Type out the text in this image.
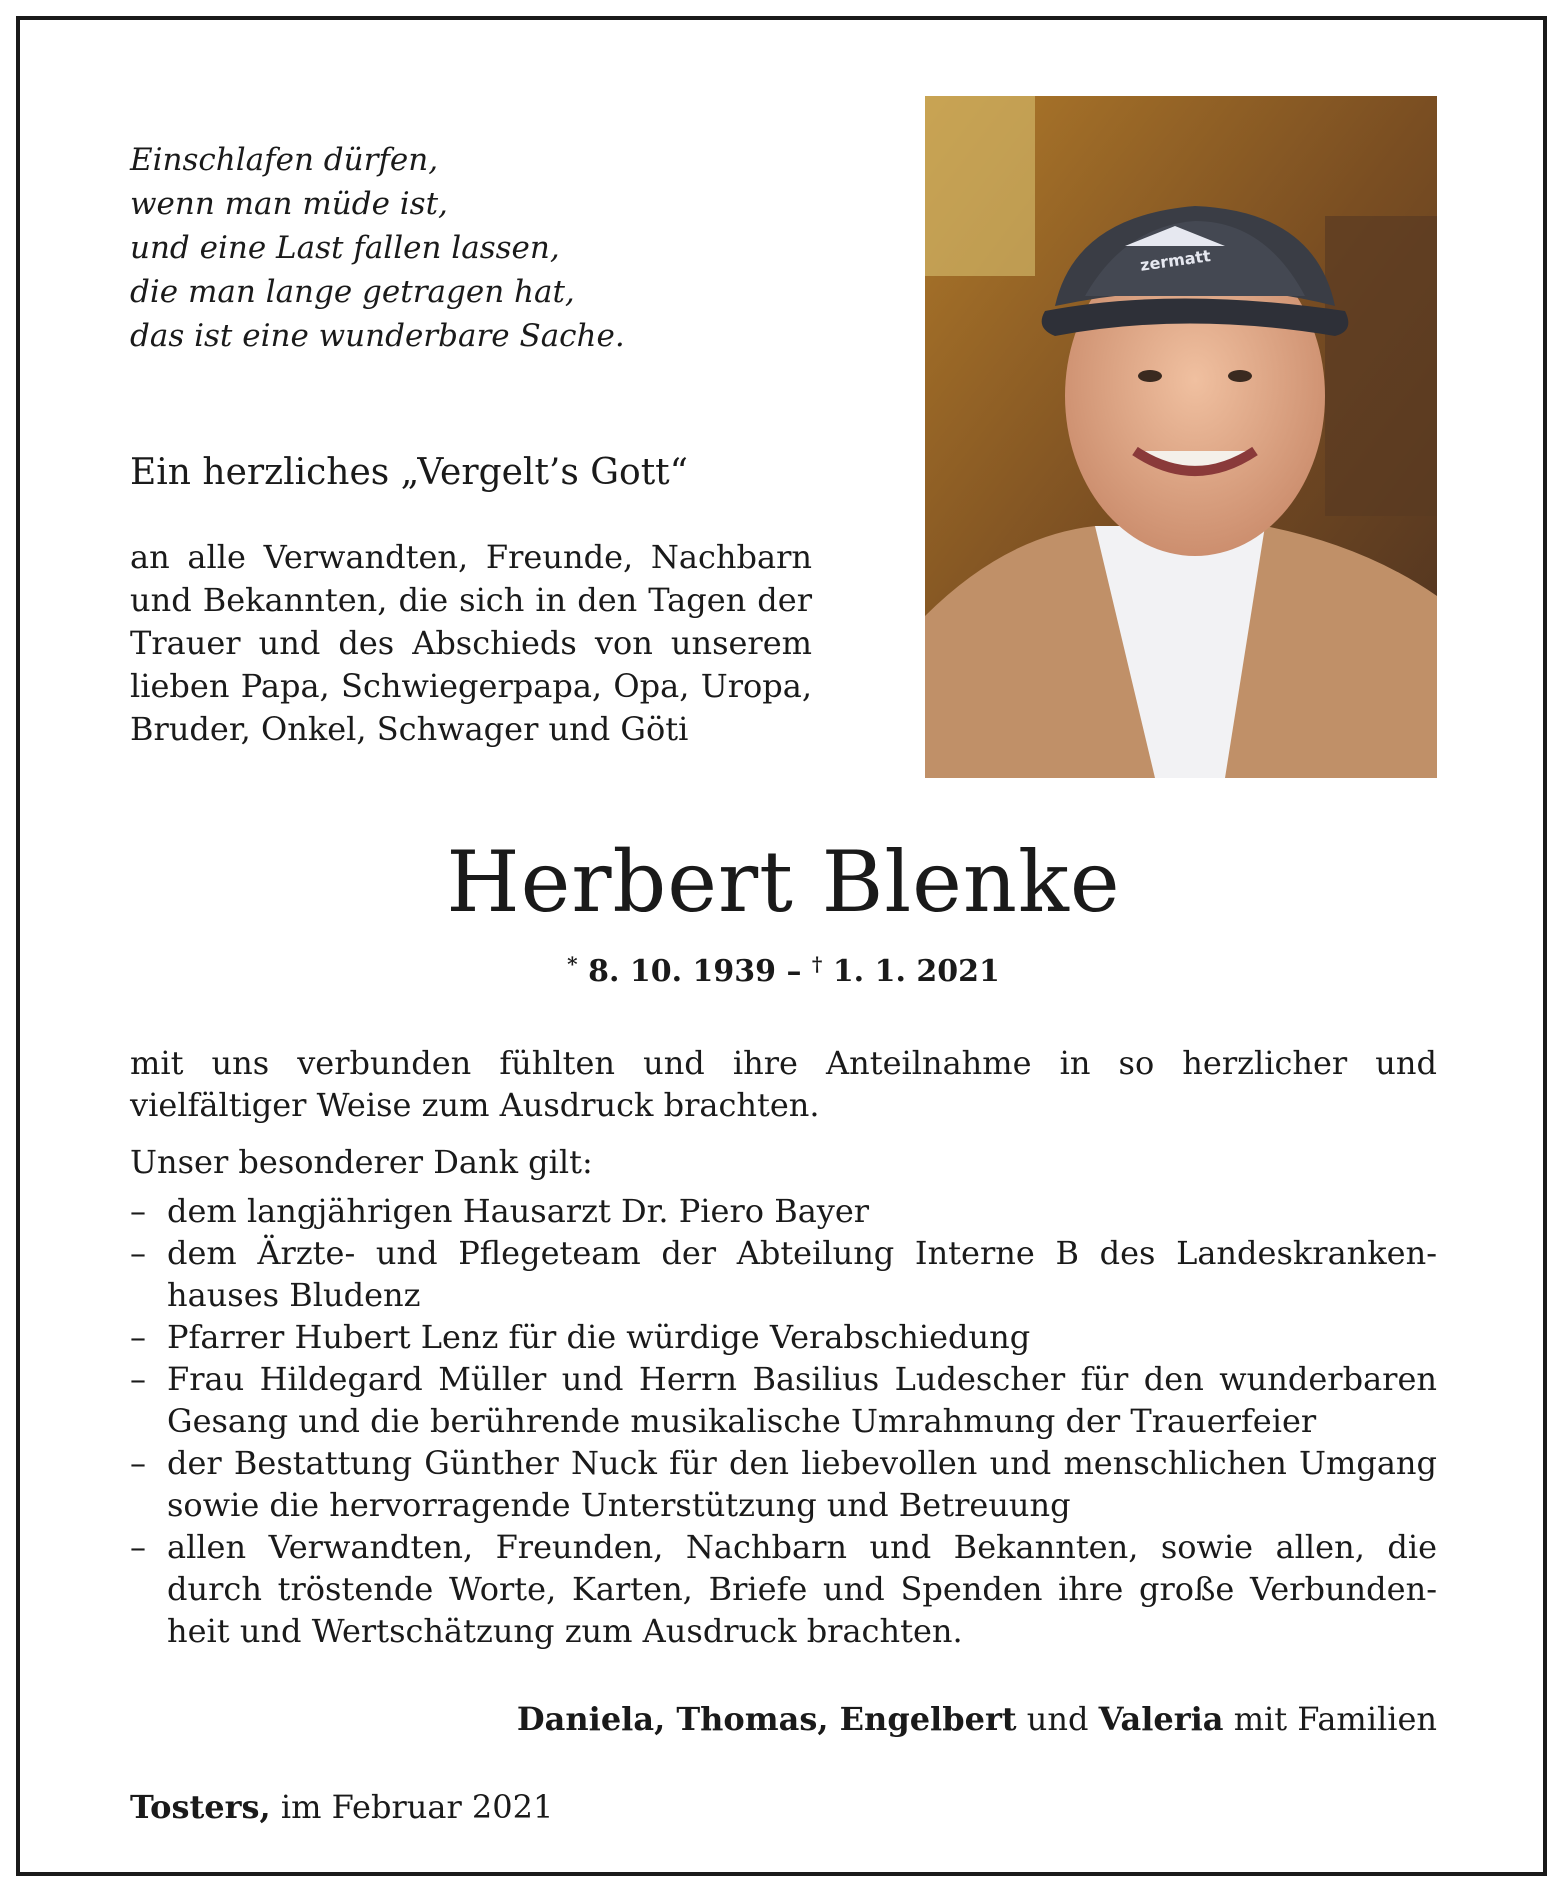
Einschlafen dürfen,
wenn man müde ist,
und eine Last fallen lassen,
die man lange getragen hat,
das ist eine wunderbare Sache.
zermatt
Ein herzliches „Vergelt’s Gott“
an alle Verwandten, Freunde, Nachbarn und Bekannten, die sich in den Tagen der Trauer und des Abschieds von unserem lieben Papa, Schwiegerpapa, Opa, Uropa, Bruder, Onkel, Schwager und Göti
Herbert Blenke
* 8. 10. 1939 – † 1. 1. 2021

mit uns verbunden fühlten und ihre Anteilnahme in so herzlicher und vielfältiger Weise zum Ausdruck brachten.

Unser besonderer Dank gilt:
– dem langjährigen Hausarzt Dr. Piero Bayer
– dem Ärzte- und Pflegeteam der Abteilung Interne B des Landeskrankenhauses Bludenz
– Pfarrer Hubert Lenz für die würdige Verabschiedung
– Frau Hildegard Müller und Herrn Basilius Ludescher für den wunderbaren Gesang und die berührende musikalische Umrahmung der Trauerfeier
– der Bestattung Günther Nuck für den liebevollen und menschlichen Umgang sowie die hervorragende Unterstützung und Betreuung
– allen Verwandten, Freunden, Nachbarn und Bekannten, sowie allen, die durch tröstende Worte, Karten, Briefe und Spenden ihre große Verbundenheit und Wertschätzung zum Ausdruck brachten.
Daniela, Thomas, Engelbert und Valeria mit Familien
Tosters, im Februar 2021
